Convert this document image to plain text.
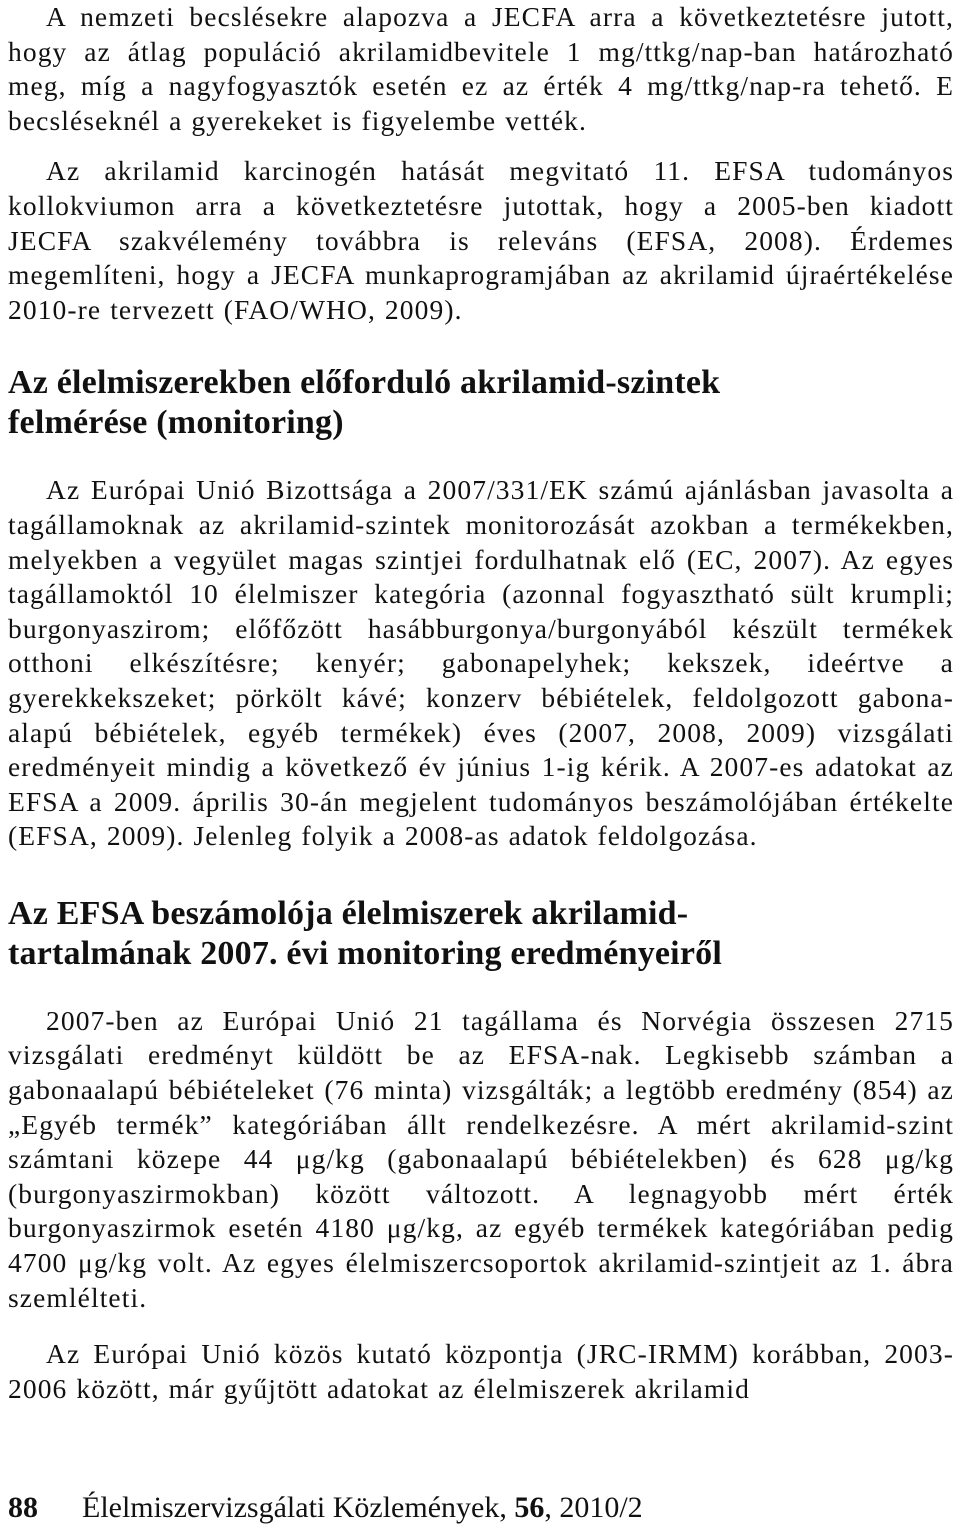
A nemzeti becslésekre alapozva a JECFA arra a következtetésre jutott, hogy az átlag populáció akrilamidbevitele 1 mg/ttkg/nap-ban határozható meg, míg a nagyfogyasztók esetén ez az érték 4 mg/ttkg/nap-ra tehető. E becsléseknél a gyerekeket is figyelembe vették.

Az akrilamid karcinogén hatását megvitató 11. EFSA tudományos kollokviumon arra a következtetésre jutottak, hogy a 2005-ben kiadott JECFA szakvélemény továbbra is releváns (EFSA, 2008). Érdemes megemlíteni, hogy a JECFA munkaprogramjában az akrilamid újraértékelése 2010-re tervezett (FAO/WHO, 2009).

Az élelmiszerekben előforduló akrilamid-szintek
felmérése (monitoring)

Az Európai Unió Bizottsága a 2007/331/EK számú ajánlásban javasolta a tagállamoknak az akrilamid-szintek monitorozását azokban a termékekben, melyekben a vegyület magas szintjei fordulhatnak elő (EC, 2007). Az egyes tagállamoktól 10 élelmiszer kategória (azonnal fogyasztható sült krumpli; burgonyaszirom; előfőzött hasábburgonya/burgonyából készült termékek otthoni elkészítésre; kenyér; gabonapelyhek; kekszek, ideértve a gyerekkekszeket; pörkölt kávé; konzerv bébiételek, feldolgozott gabona-alapú bébiételek, egyéb termékek) éves (2007, 2008, 2009) vizsgálati eredményeit mindig a következő év június 1-ig kérik. A 2007-es adatokat az EFSA a 2009. április 30-án megjelent tudományos beszámolójában értékelte (EFSA, 2009). Jelenleg folyik a 2008-as adatok feldolgozása.

Az EFSA beszámolója élelmiszerek akrilamid-
tartalmának 2007. évi monitoring eredményeiről

2007-ben az Európai Unió 21 tagállama és Norvégia összesen 2715 vizsgálati eredményt küldött be az EFSA-nak. Legkisebb számban a gabonaalapú bébiételeket (76 minta) vizsgálták; a legtöbb eredmény (854) az „Egyéb termék” kategóriában állt rendelkezésre. A mért akrilamid-szint számtani közepe 44 μg/kg (gabonaalapú bébiételekben) és 628 μg/kg (burgonyaszirmokban) között változott. A legnagyobb mért érték burgonyaszirmok esetén 4180 μg/kg, az egyéb termékek kategóriában pedig 4700 μg/kg volt. Az egyes élelmiszercsoportok akrilamid-szintjeit az 1. ábra szemlélteti.

Az Európai Unió közös kutató központja (JRC-IRMM) korábban, 2003-2006 között, már gyűjtött adatokat az élelmiszerek akrilamid

88 Élelmiszervizsgálati Közlemények, 56, 2010/2
